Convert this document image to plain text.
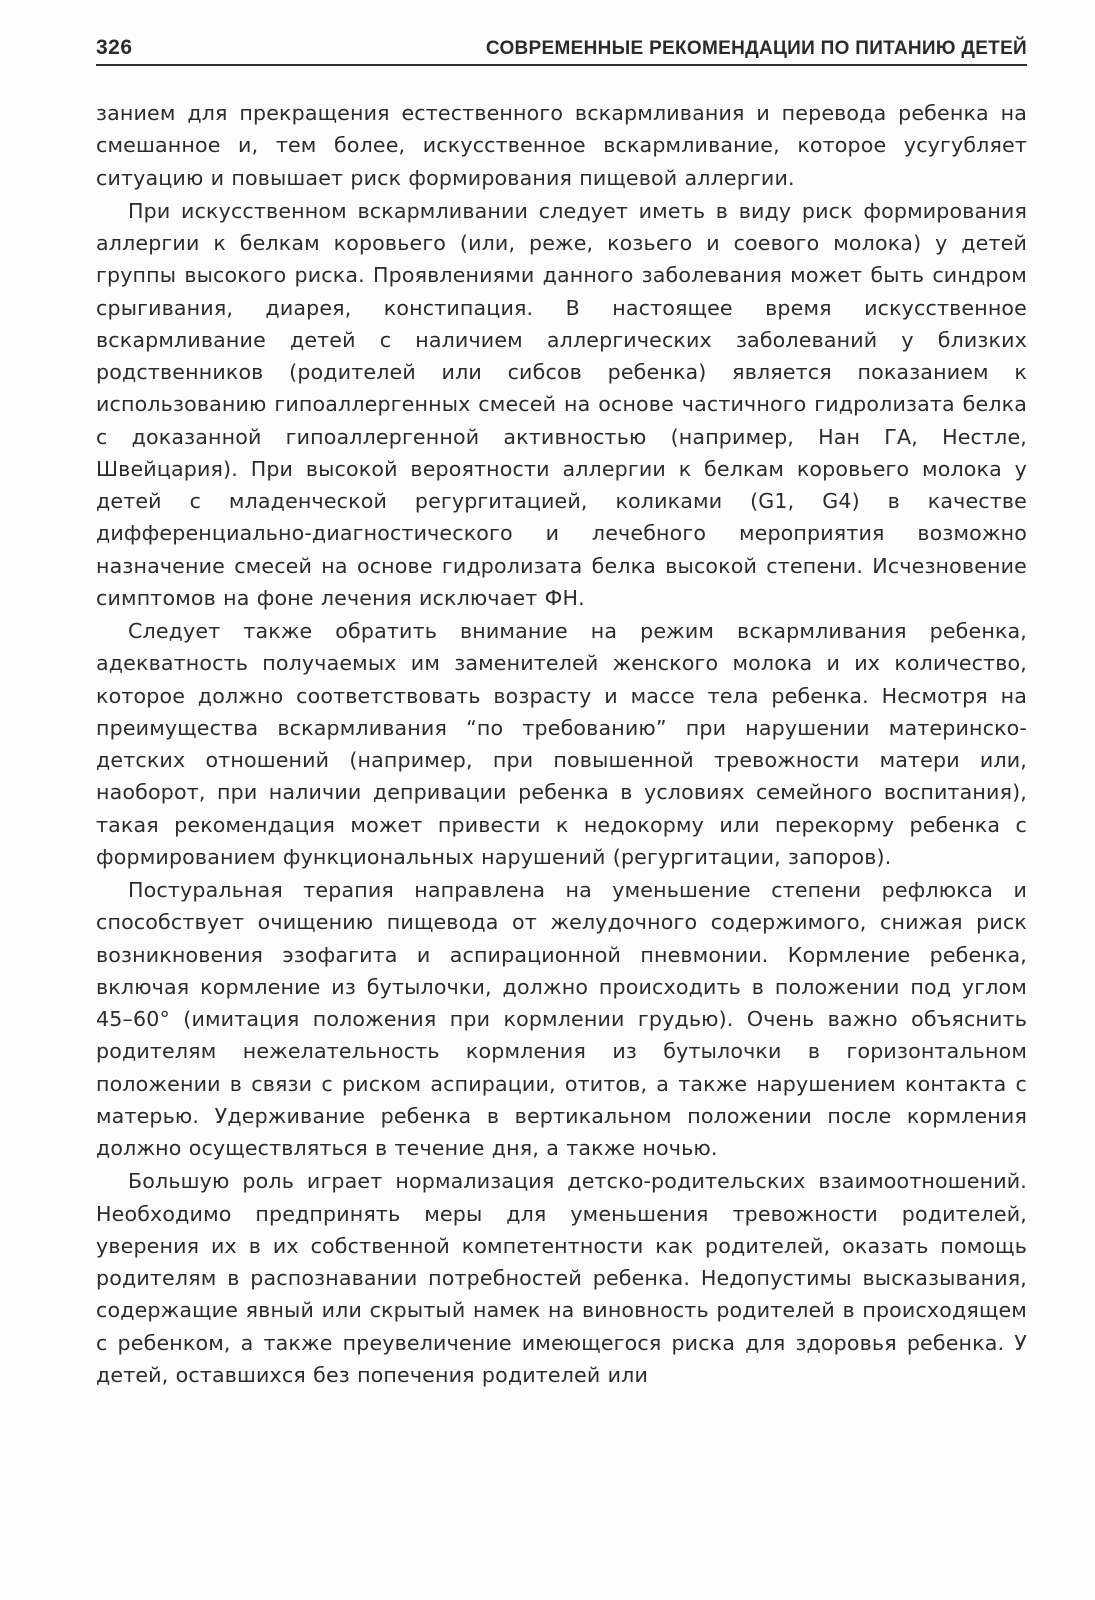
326	СОВРЕМЕННЫЕ РЕКОМЕНДАЦИИ ПО ПИТАНИЮ ДЕТЕЙ

занием для прекращения естественного вскармливания и перевода ребенка на смешанное и, тем более, искусственное вскармливание, которое усугубляет ситуацию и повышает риск формирования пищевой аллергии.

При искусственном вскармливании следует иметь в виду риск формирования аллергии к белкам коровьего (или, реже, козьего и соевого молока) у детей группы высокого риска. Проявлениями данного заболевания может быть синдром срыгивания, диарея, констипация. В настоящее время искусственное вскармливание детей с наличием аллергических заболеваний у близких родственников (родителей или сибсов ребенка) является показанием к использованию гипоаллергенных смесей на основе частичного гидролизата белка с доказанной гипоаллергенной активностью (например, Нан ГА, Нестле, Швейцария). При высокой вероятности аллергии к белкам коровьего молока у детей с младенческой регургитацией, коликами (G1, G4) в качестве дифференциально-диагностического и лечебного мероприятия возможно назначение смесей на основе гидролизата белка высокой степени. Исчезновение симптомов на фоне лечения исключает ФН.

Следует также обратить внимание на режим вскармливания ребенка, адекватность получаемых им заменителей женского молока и их количество, которое должно соответствовать возрасту и массе тела ребенка. Несмотря на преимущества вскармливания “по требованию” при нарушении материнско-детских отношений (например, при повышенной тревожности матери или, наоборот, при наличии депривации ребенка в условиях семейного воспитания), такая рекомендация может привести к недокорму или перекорму ребенка с формированием функциональных нарушений (регургитации, запоров).

Постуральная терапия направлена на уменьшение степени рефлюкса и способствует очищению пищевода от желудочного содержимого, снижая риск возникновения эзофагита и аспирационной пневмонии. Кормление ребенка, включая кормление из бутылочки, должно происходить в положении под углом 45–60° (имитация положения при кормлении грудью). Очень важно объяснить родителям нежелательность кормления из бутылочки в горизонтальном положении в связи с риском аспирации, отитов, а также нарушением контакта с матерью. Удерживание ребенка в вертикальном положении после кормления должно осуществляться в течение дня, а также ночью.

Большую роль играет нормализация детско-родительских взаимоотношений. Необходимо предпринять меры для уменьшения тревожности родителей, уверения их в их собственной компетентности как родителей, оказать помощь родителям в распознавании потребностей ребенка. Недопустимы высказывания, содержащие явный или скрытый намек на виновность родителей в происходящем с ребенком, а также преувеличение имеющегося риска для здоровья ребенка. У детей, оставшихся без попечения родителей или
